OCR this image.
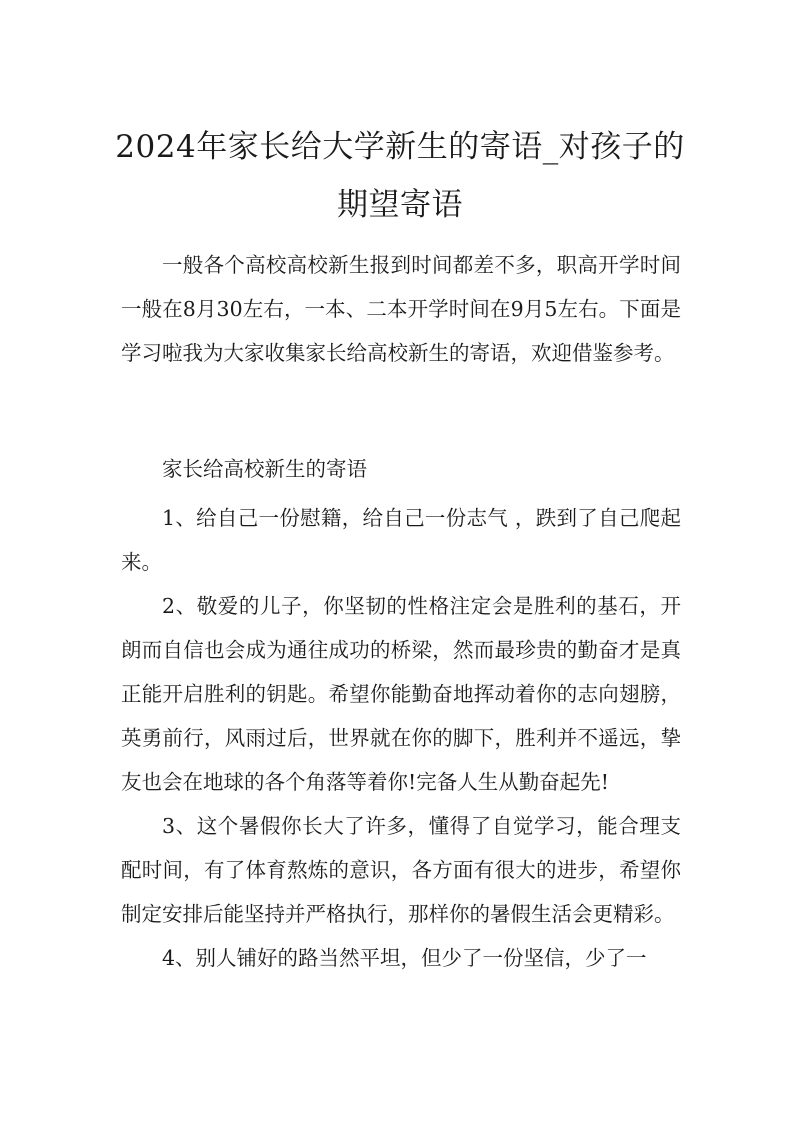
2024年家长给大学新生的寄语_对孩子的期望寄语

一般各个高校高校新生报到时间都差不多，职高开学时间一般在8月30左右，一本、二本开学时间在9月5左右。下面是学习啦我为大家收集家长给高校新生的寄语，欢迎借鉴参考。

家长给高校新生的寄语

1、给自己一份慰籍，给自己一份志气 ，跌到了自己爬起来。

2、敬爱的儿子，你坚韧的性格注定会是胜利的基石，开朗而自信也会成为通往成功的桥梁，然而最珍贵的勤奋才是真正能开启胜利的钥匙。希望你能勤奋地挥动着你的志向翅膀，英勇前行，风雨过后，世界就在你的脚下，胜利并不遥远，挚友也会在地球的各个角落等着你!完备人生从勤奋起先!

3、这个暑假你长大了许多，懂得了自觉学习，能合理支配时间，有了体育熬炼的意识，各方面有很大的进步，希望你制定安排后能坚持并严格执行，那样你的暑假生活会更精彩。

4、别人铺好的路当然平坦，但少了一份坚信，少了一
